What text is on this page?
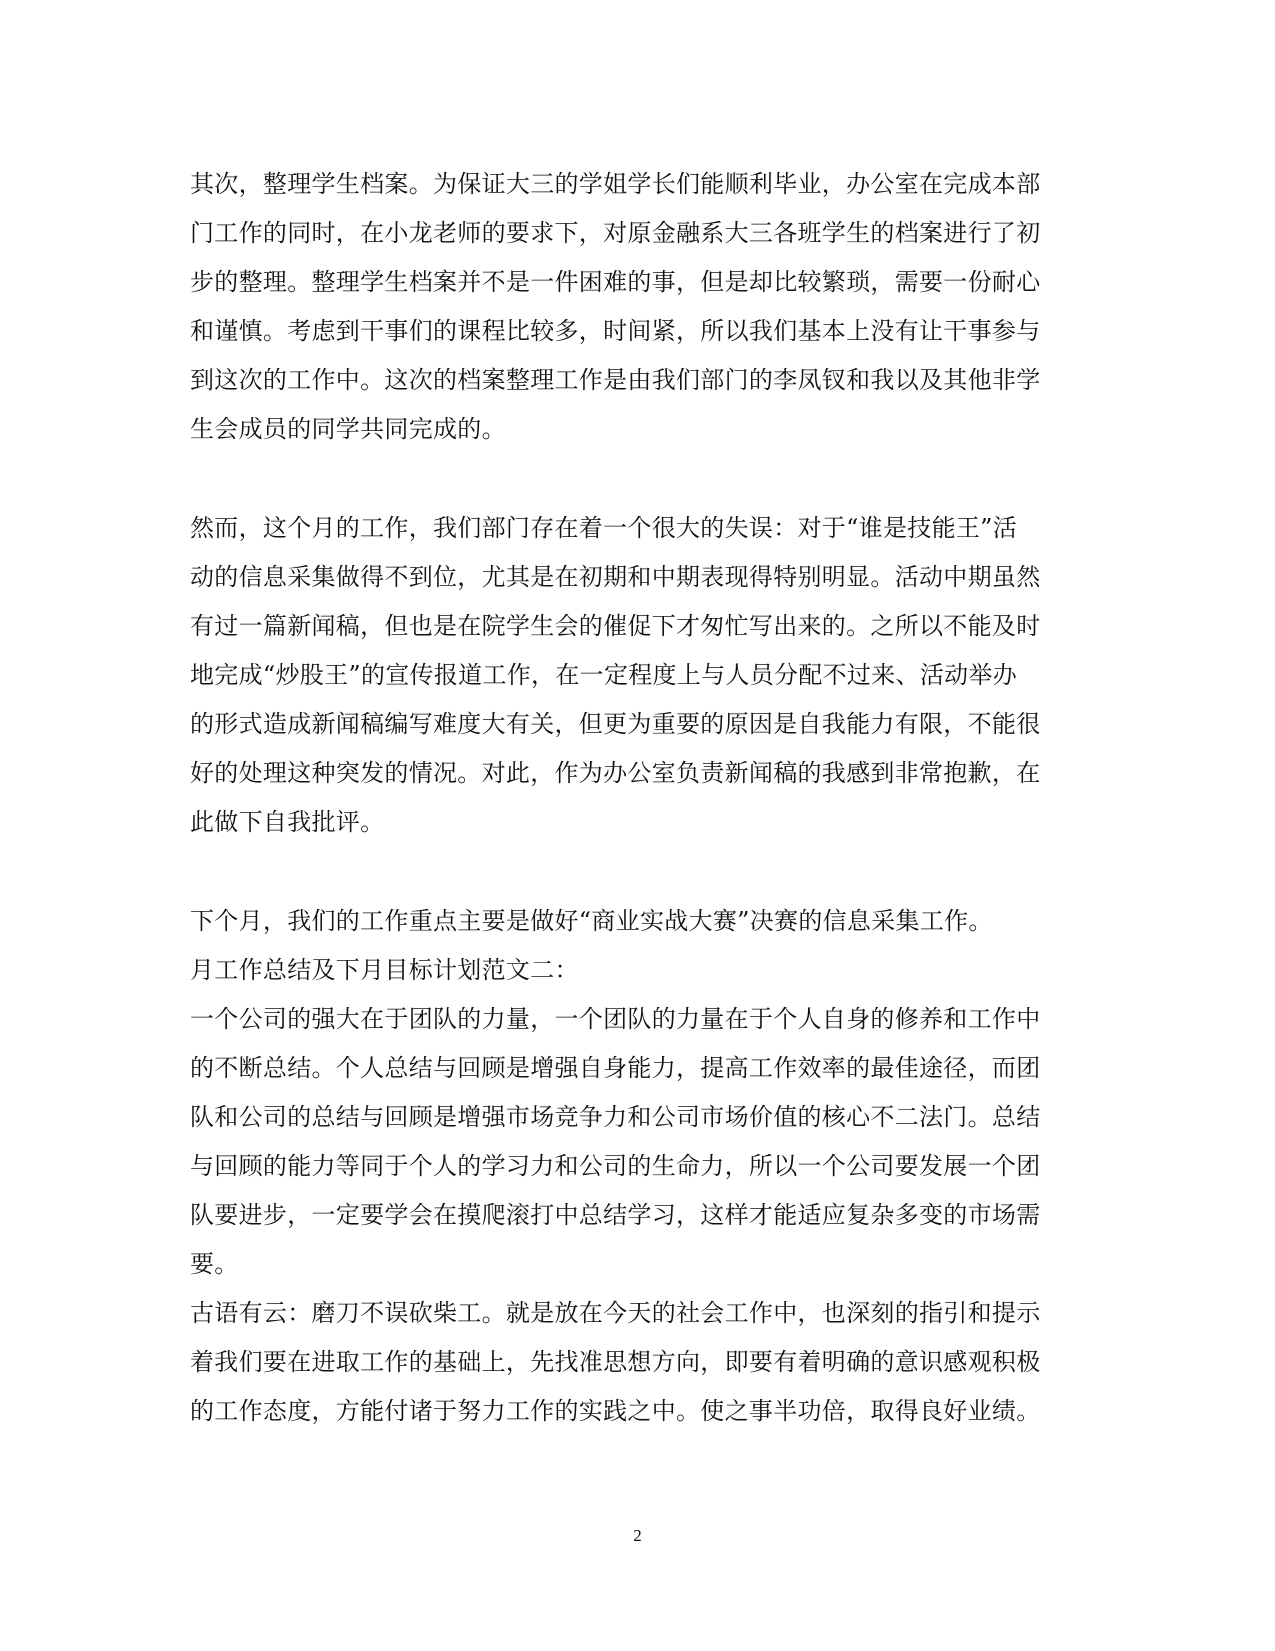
其次，整理学生档案。为保证大三的学姐学长们能顺利毕业，办公室在完成本部
门工作的同时，在小龙老师的要求下，对原金融系大三各班学生的档案进行了初
步的整理。整理学生档案并不是一件困难的事，但是却比较繁琐，需要一份耐心
和谨慎。考虑到干事们的课程比较多，时间紧，所以我们基本上没有让干事参与
到这次的工作中。这次的档案整理工作是由我们部门的李凤钗和我以及其他非学
生会成员的同学共同完成的。
然而，这个月的工作，我们部门存在着一个很大的失误：对于“谁是技能王”活
动的信息采集做得不到位，尤其是在初期和中期表现得特别明显。活动中期虽然
有过一篇新闻稿，但也是在院学生会的催促下才匆忙写出来的。之所以不能及时
地完成“炒股王”的宣传报道工作，在一定程度上与人员分配不过来、活动举办
的形式造成新闻稿编写难度大有关，但更为重要的原因是自我能力有限，不能很
好的处理这种突发的情况。对此，作为办公室负责新闻稿的我感到非常抱歉，在
此做下自我批评。
下个月，我们的工作重点主要是做好“商业实战大赛”决赛的信息采集工作。
月工作总结及下月目标计划范文二：
一个公司的强大在于团队的力量，一个团队的力量在于个人自身的修养和工作中
的不断总结。个人总结与回顾是增强自身能力，提高工作效率的最佳途径，而团
队和公司的总结与回顾是增强市场竞争力和公司市场价值的核心不二法门。总结
与回顾的能力等同于个人的学习力和公司的生命力，所以一个公司要发展一个团
队要进步，一定要学会在摸爬滚打中总结学习，这样才能适应复杂多变的市场需
要。
古语有云：磨刀不误砍柴工。就是放在今天的社会工作中，也深刻的指引和提示
着我们要在进取工作的基础上，先找准思想方向，即要有着明确的意识感观积极
的工作态度，方能付诸于努力工作的实践之中。使之事半功倍，取得良好业绩。
2
